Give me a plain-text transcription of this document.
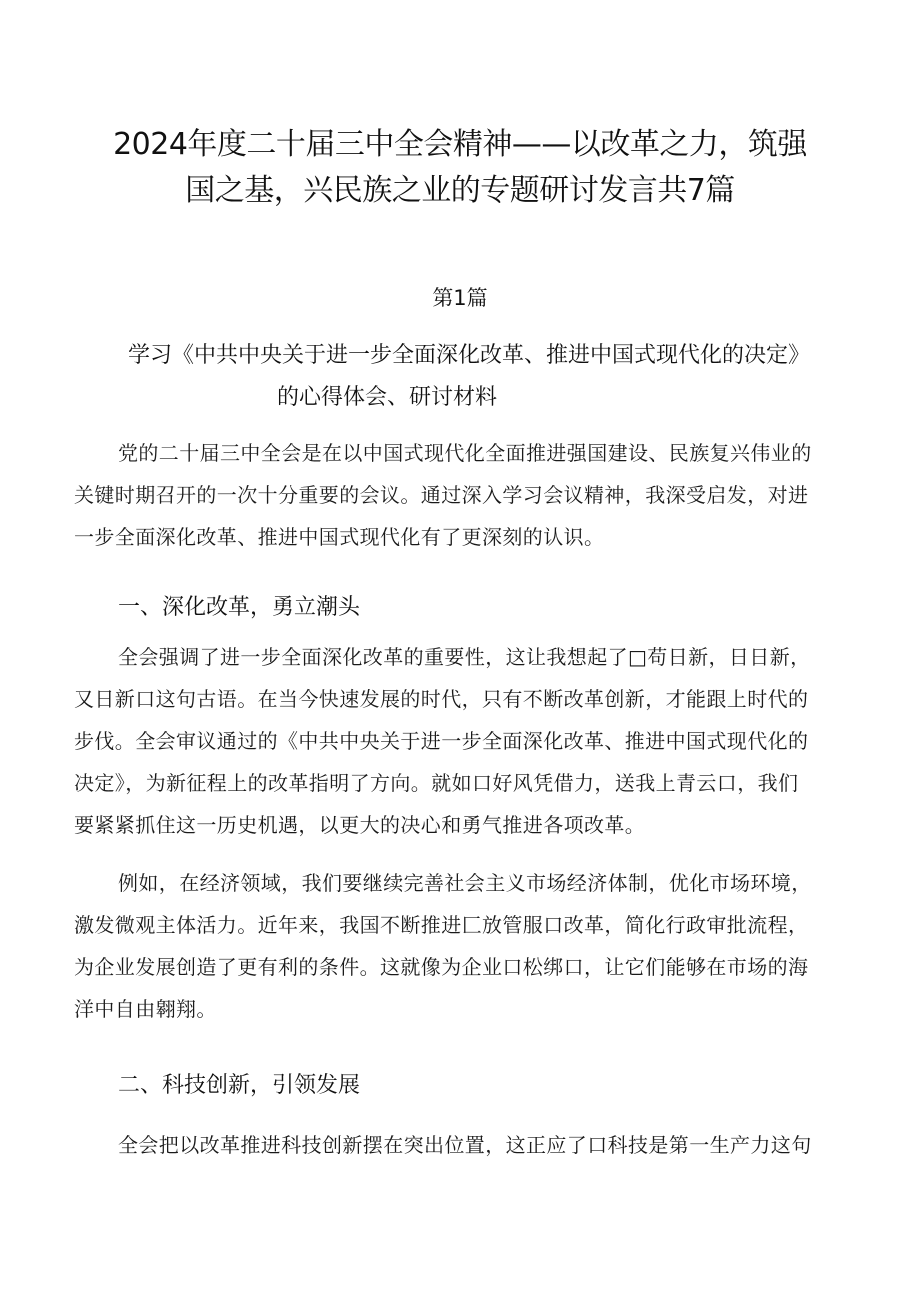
2024年度二十届三中全会精神——以改革之力，筑强
国之基，兴民族之业的专题研讨发言共7篇
第1篇
学习《中共中央关于进一步全面深化改革、推进中国式现代化的决定》
的心得体会、研讨材料
党的二十届三中全会是在以中国式现代化全面推进强国建设、民族复兴伟业的
关键时期召开的一次十分重要的会议。通过深入学习会议精神，我深受启发，对进
一步全面深化改革、推进中国式现代化有了更深刻的认识。
一、深化改革，勇立潮头
全会强调了进一步全面深化改革的重要性，这让我想起了□苟日新，日日新，
又日新口这句古语。在当今快速发展的时代，只有不断改革创新，才能跟上时代的
步伐。全会审议通过的《中共中央关于进一步全面深化改革、推进中国式现代化的
决定》，为新征程上的改革指明了方向。就如口好风凭借力，送我上青云口，我们
要紧紧抓住这一历史机遇，以更大的决心和勇气推进各项改革。
例如，在经济领域，我们要继续完善社会主义市场经济体制，优化市场环境，
激发微观主体活力。近年来，我国不断推进匚放管服口改革，简化行政审批流程，
为企业发展创造了更有利的条件。这就像为企业口松绑口，让它们能够在市场的海
洋中自由翱翔。
二、科技创新，引领发展
全会把以改革推进科技创新摆在突出位置，这正应了口科技是第一生产力这句
